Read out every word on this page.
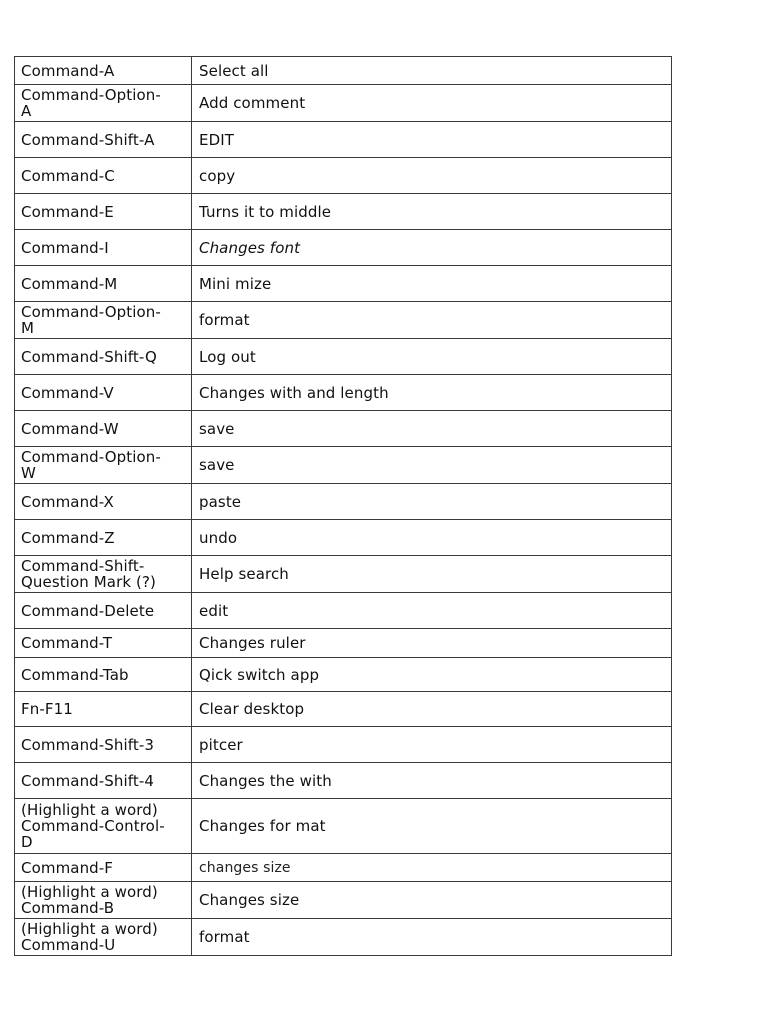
Command-A	Select all
Command-Option-
A	Add comment
Command-Shift-A	EDIT
Command-C	copy
Command-E	Turns it to middle
Command-I	Changes font
Command-M	Mini mize
Command-Option-
M	format
Command-Shift-Q	Log out
Command-V	Changes with and length
Command-W	save
Command-Option-
W	save
Command-X	paste
Command-Z	undo
Command-Shift-
Question Mark (?)	Help search
Command-Delete	edit
Command-T	Changes ruler
Command-Tab	Qick switch app
Fn-F11	Clear desktop
Command-Shift-3	pitcer
Command-Shift-4	Changes the with
(Highlight a word)
Command-Control-
D	Changes for mat
Command-F	changes size
(Highlight a word)
Command-B	Changes size
(Highlight a word)
Command-U	format
